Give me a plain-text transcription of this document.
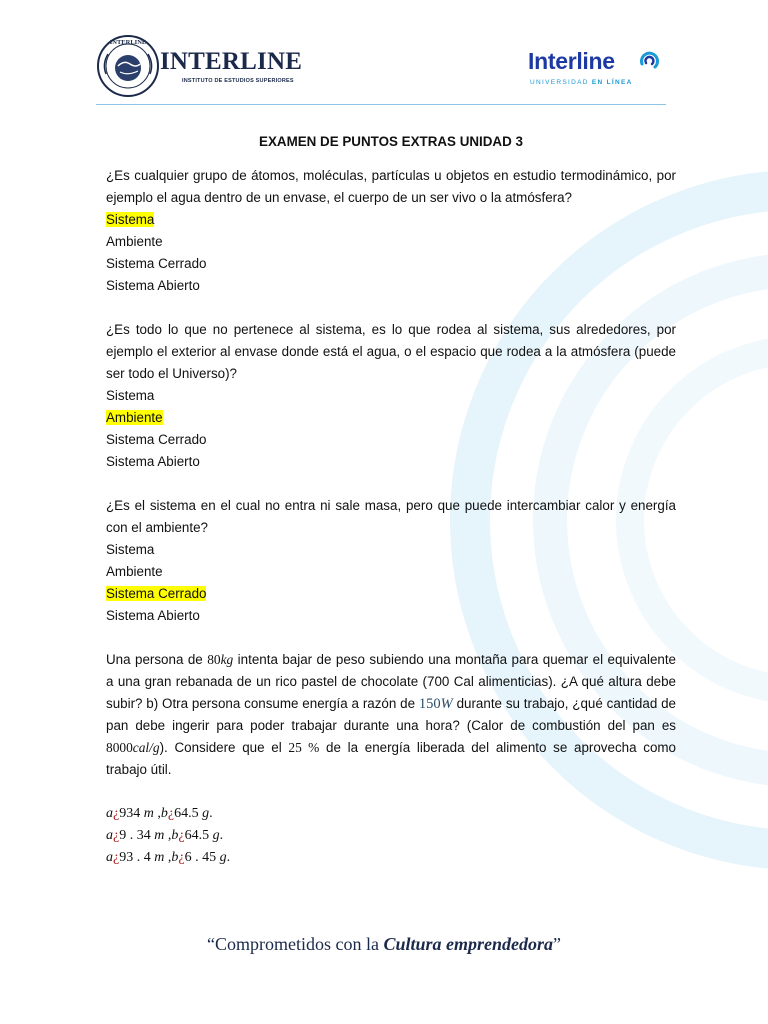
INTERLINE
INTERLINE
INSTITUTO DE ESTUDIOS SUPERIORES
Interline
UNIVERSIDAD EN LÍNEA

EXAMEN DE PUNTOS EXTRAS UNIDAD 3

¿Es cualquier grupo de átomos, moléculas, partículas u objetos en estudio termodinámico, por ejemplo el agua dentro de un envase, el cuerpo de un ser vivo o la atmósfera?

Sistema

Ambiente

Sistema Cerrado

Sistema Abierto

¿Es todo lo que no pertenece al sistema, es lo que rodea al sistema, sus alrededores, por ejemplo el exterior al envase donde está el agua, o el espacio que rodea a la atmósfera (puede ser todo el Universo)?

Sistema

Ambiente

Sistema Cerrado

Sistema Abierto

¿Es el sistema en el cual no entra ni sale masa, pero que puede intercambiar calor y energía con el ambiente?

Sistema

Ambiente

Sistema Cerrado

Sistema Abierto

Una persona de 80kg intenta bajar de peso subiendo una montaña para quemar el equivalente a una gran rebanada de un rico pastel de chocolate (700 Cal alimenticias). ¿A qué altura debe subir? b) Otra persona consume energía a razón de 150W durante su trabajo, ¿qué cantidad de pan debe ingerir para poder trabajar durante una hora? (Calor de combustión del pan es 8000cal/g). Considere que el 25 % de la energía liberada del alimento se aprovecha como trabajo útil.

a¿934 m ,b¿64.5 g.
a¿9 . 34 m ,b¿64.5 g.
a¿93 . 4 m ,b¿6 . 45 g.
“Comprometidos con la Cultura emprendedora”
